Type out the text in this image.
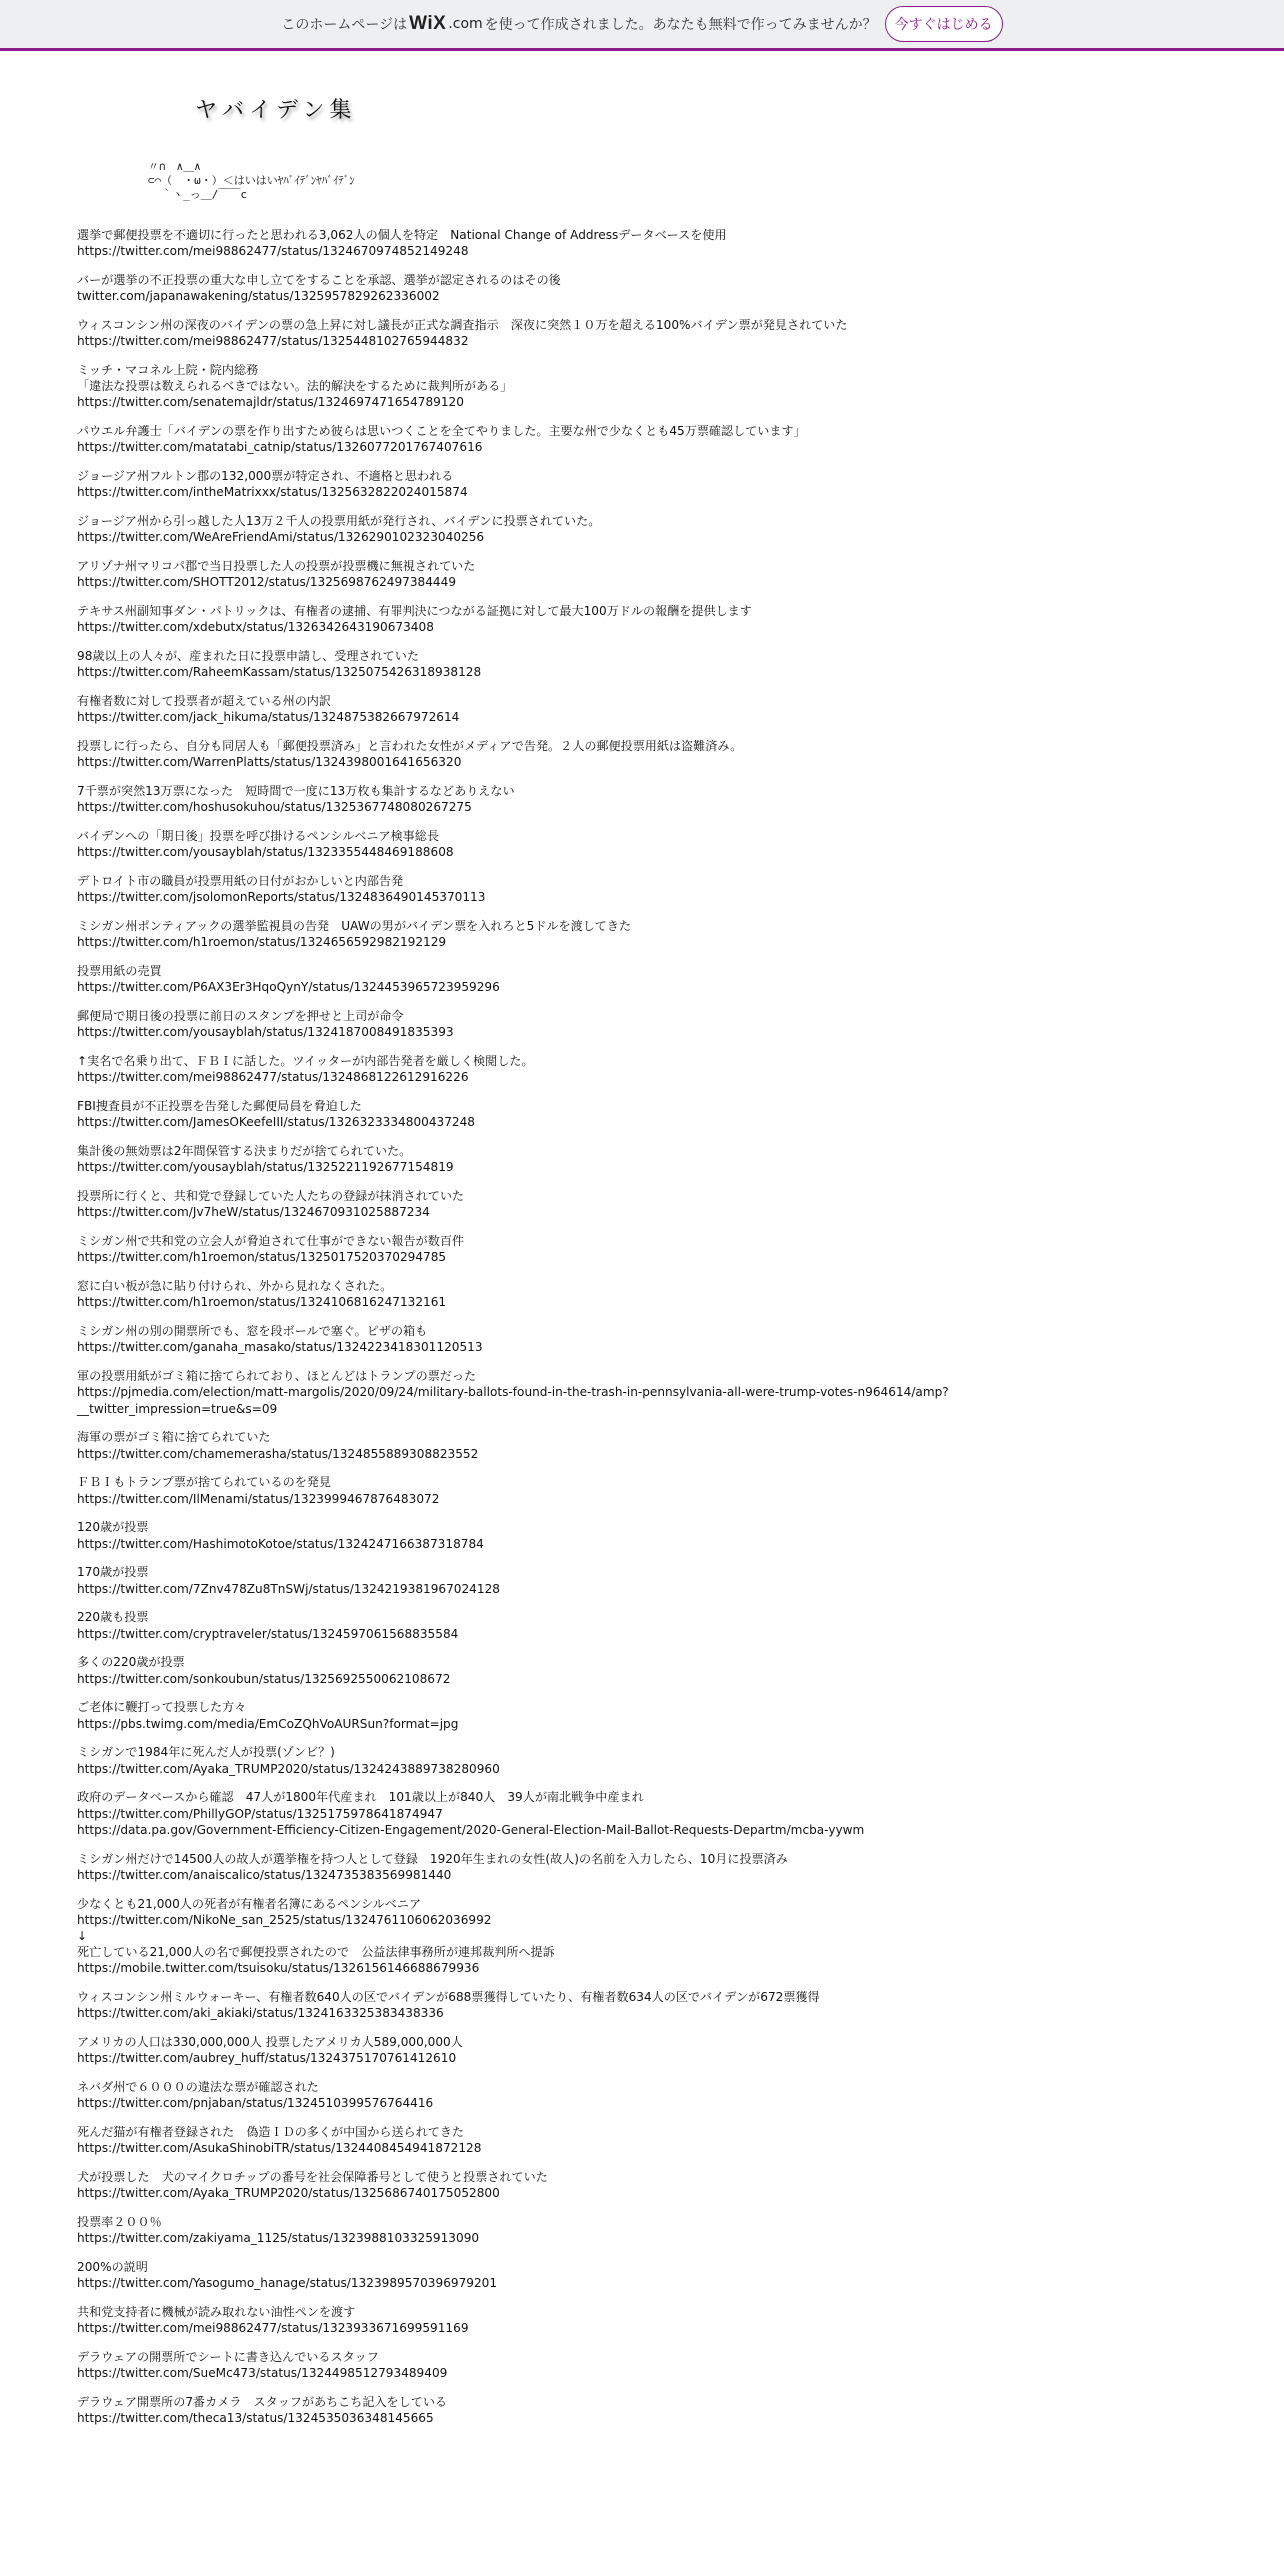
このホームページは WiX .com を使って作成されました。あなたも無料で作ってみませんか？	今すぐはじめる
ヤバイデン集
〃∩　∧＿∧
⊂⌒（　・ω・）＜はいはいﾔﾊﾞｲﾃﾞﾝﾔﾊﾞｲﾃﾞﾝ
｀ヽ_っ＿/￣￣c
選挙で郵便投票を不適切に行ったと思われる3,062人の個人を特定　National Change of Addressデータベースを使用
https://twitter.com/mei98862477/status/1324670974852149248
バーが選挙の不正投票の重大な申し立てをすることを承認、選挙が認定されるのはその後
twitter.com/japanawakening/status/1325957829262336002
ウィスコンシン州の深夜のバイデンの票の急上昇に対し議長が正式な調査指示　深夜に突然１０万を超える100%バイデン票が発見されていた
https://twitter.com/mei98862477/status/1325448102765944832
ミッチ・マコネル上院・院内総務
「違法な投票は数えられるべきではない。法的解決をするために裁判所がある」
https://twitter.com/senatemajldr/status/1324697471654789120
パウエル弁護士「バイデンの票を作り出すため彼らは思いつくことを全てやりました。主要な州で少なくとも45万票確認しています」
https://twitter.com/matatabi_catnip/status/1326077201767407616
ジョージア州フルトン郡の132,000票が特定され、不適格と思われる
https://twitter.com/intheMatrixxx/status/1325632822024015874
ジョージア州から引っ越した人13万２千人の投票用紙が発行され、バイデンに投票されていた。
https://twitter.com/WeAreFriendAmi/status/1326290102323040256
アリゾナ州マリコパ郡で当日投票した人の投票が投票機に無視されていた
https://twitter.com/SHOTT2012/status/1325698762497384449
テキサス州副知事ダン・パトリックは、有権者の逮捕、有罪判決につながる証拠に対して最大100万ドルの報酬を提供します
https://twitter.com/xdebutx/status/1326342643190673408
98歳以上の人々が、産まれた日に投票申請し、受理されていた
https://twitter.com/RaheemKassam/status/1325075426318938128
有権者数に対して投票者が超えている州の内訳
https://twitter.com/jack_hikuma/status/1324875382667972614
投票しに行ったら、自分も同居人も「郵便投票済み」と言われた女性がメディアで告発。２人の郵便投票用紙は盗難済み。
https://twitter.com/WarrenPlatts/status/1324398001641656320
7千票が突然13万票になった　短時間で一度に13万枚も集計するなどありえない
https://twitter.com/hoshusokuhou/status/1325367748080267275
バイデンへの「期日後」投票を呼び掛けるペンシルベニア検事総長
https://twitter.com/yousayblah/status/1323355448469188608
デトロイト市の職員が投票用紙の日付がおかしいと内部告発
https://twitter.com/jsolomonReports/status/1324836490145370113
ミシガン州ポンティアックの選挙監視員の告発　UAWの男がバイデン票を入れろと5ドルを渡してきた
https://twitter.com/h1roemon/status/1324656592982192129
投票用紙の売買
https://twitter.com/P6AX3Er3HqoQynY/status/1324453965723959296
郵便局で期日後の投票に前日のスタンプを押せと上司が命令
https://twitter.com/yousayblah/status/1324187008491835393
↑実名で名乗り出て、ＦＢＩに話した。ツイッターが内部告発者を厳しく検閲した。
https://twitter.com/mei98862477/status/1324868122612916226
FBI捜査員が不正投票を告発した郵便局員を脅迫した
https://twitter.com/JamesOKeefeIII/status/1326323334800437248
集計後の無効票は2年間保管する決まりだが捨てられていた。
https://twitter.com/yousayblah/status/1325221192677154819
投票所に行くと、共和党で登録していた人たちの登録が抹消されていた
https://twitter.com/Jv7heW/status/1324670931025887234
ミシガン州で共和党の立会人が脅迫されて仕事ができない報告が数百件
https://twitter.com/h1roemon/status/1325017520370294785
窓に白い板が急に貼り付けられ、外から見れなくされた。
https://twitter.com/h1roemon/status/1324106816247132161
ミシガン州の別の開票所でも、窓を段ボールで塞ぐ。ピザの箱も
https://twitter.com/ganaha_masako/status/1324223418301120513
軍の投票用紙がゴミ箱に捨てられており、ほとんどはトランプの票だった
https://pjmedia.com/election/matt-margolis/2020/09/24/military-ballots-found-in-the-trash-in-pennsylvania-all-were-trump-votes-n964614/amp?
__twitter_impression=true&s=09
海軍の票がゴミ箱に捨てられていた
https://twitter.com/chamemerasha/status/1324855889308823552
ＦＢＩもトランプ票が捨てられているのを発見
https://twitter.com/IlMenami/status/1323999467876483072
120歳が投票
https://twitter.com/HashimotoKotoe/status/1324247166387318784
170歳が投票
https://twitter.com/7Znv478Zu8TnSWj/status/1324219381967024128
220歳も投票
https://twitter.com/cryptraveler/status/1324597061568835584
多くの220歳が投票
https://twitter.com/sonkoubun/status/1325692550062108672
ご老体に鞭打って投票した方々
https://pbs.twimg.com/media/EmCoZQhVoAURSun?format=jpg
ミシガンで1984年に死んだ人が投票(ゾンビ？)
https://twitter.com/Ayaka_TRUMP2020/status/1324243889738280960
政府のデータベースから確認　47人が1800年代産まれ　101歳以上が840人　39人が南北戦争中産まれ
https://twitter.com/PhillyGOP/status/1325175978641874947
https://data.pa.gov/Government-Efficiency-Citizen-Engagement/2020-General-Election-Mail-Ballot-Requests-Departm/mcba-yywm
ミシガン州だけで14500人の故人が選挙権を持つ人として登録　1920年生まれの女性(故人)の名前を入力したら、10月に投票済み
https://twitter.com/anaiscalico/status/1324735383569981440
少なくとも21,000人の死者が有権者名簿にあるペンシルベニア
https://twitter.com/NikoNe_san_2525/status/1324761106062036992
↓
死亡している21,000人の名で郵便投票されたので　公益法律事務所が連邦裁判所へ提訴
https://mobile.twitter.com/tsuisoku/status/1326156146688679936
ウィスコンシン州ミルウォーキー、有権者数640人の区でバイデンが688票獲得していたり、有権者数634人の区でバイデンが672票獲得
https://twitter.com/aki_akiaki/status/1324163325383438336
アメリカの人口は330,000,000人 投票したアメリカ人589,000,000人
https://twitter.com/aubrey_huff/status/1324375170761412610
ネバダ州で６０００の違法な票が確認された
https://twitter.com/pnjaban/status/1324510399576764416
死んだ猫が有権者登録された　偽造ＩＤの多くが中国から送られてきた
https://twitter.com/AsukaShinobiTR/status/1324408454941872128
犬が投票した　犬のマイクロチップの番号を社会保障番号として使うと投票されていた
https://twitter.com/Ayaka_TRUMP2020/status/1325686740175052800
投票率２００％
https://twitter.com/zakiyama_1125/status/1323988103325913090
200%の説明
https://twitter.com/Yasogumo_hanage/status/1323989570396979201
共和党支持者に機械が読み取れない油性ペンを渡す
https://twitter.com/mei98862477/status/1323933671699591169
デラウェアの開票所でシートに書き込んでいるスタッフ
https://twitter.com/SueMc473/status/1324498512793489409
デラウェア開票所の7番カメラ　スタッフがあちこち記入をしている
https://twitter.com/theca13/status/1324535036348145665
